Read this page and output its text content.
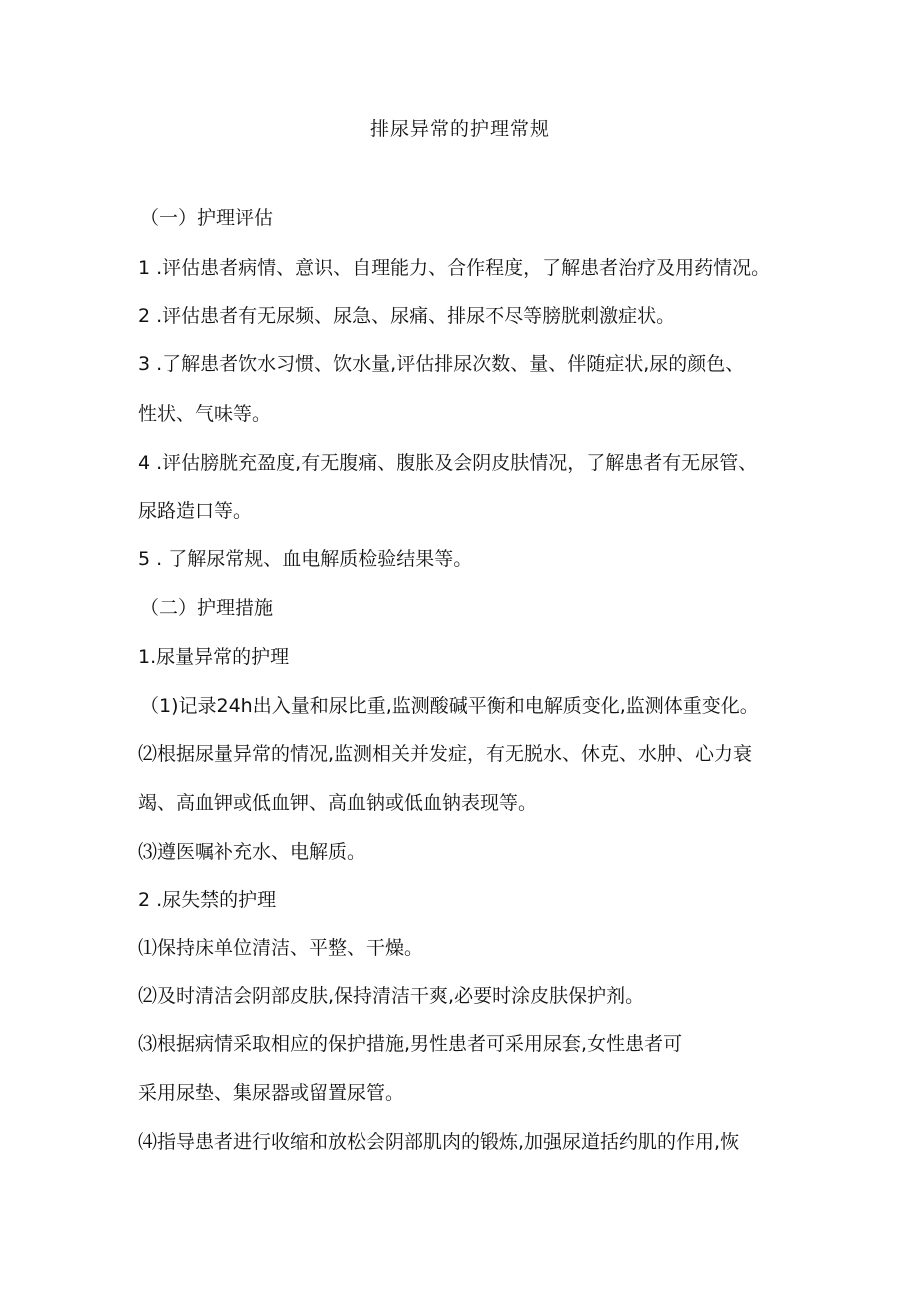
排尿异常的护理常规
（一）护理评估
1 .评估患者病情、意识、自理能力、合作程度，了解患者治疗及用药情况。
2 .评估患者有无尿频、尿急、尿痛、排尿不尽等膀胱刺激症状。
3 .了解患者饮水习惯、饮水量,评估排尿次数、量、伴随症状,尿的颜色、
性状、气味等。
4 .评估膀胱充盈度,有无腹痛、腹胀及会阴皮肤情况，了解患者有无尿管、
尿路造口等。
5 . 了解尿常规、血电解质检验结果等。
（二）护理措施
1.尿量异常的护理
（1)记录24h出入量和尿比重,监测酸碱平衡和电解质变化,监测体重变化。
⑵根据尿量异常的情况,监测相关并发症，有无脱水、休克、水肿、心力衰
竭、高血钾或低血钾、高血钠或低血钠表现等。
⑶遵医嘱补充水、电解质。
2 .尿失禁的护理
⑴保持床单位清洁、平整、干燥。
⑵及时清洁会阴部皮肤,保持清洁干爽,必要时涂皮肤保护剂。
⑶根据病情采取相应的保护措施,男性患者可采用尿套,女性患者可
采用尿垫、集尿器或留置尿管。
⑷指导患者进行收缩和放松会阴部肌肉的锻炼,加强尿道括约肌的作用,恢
